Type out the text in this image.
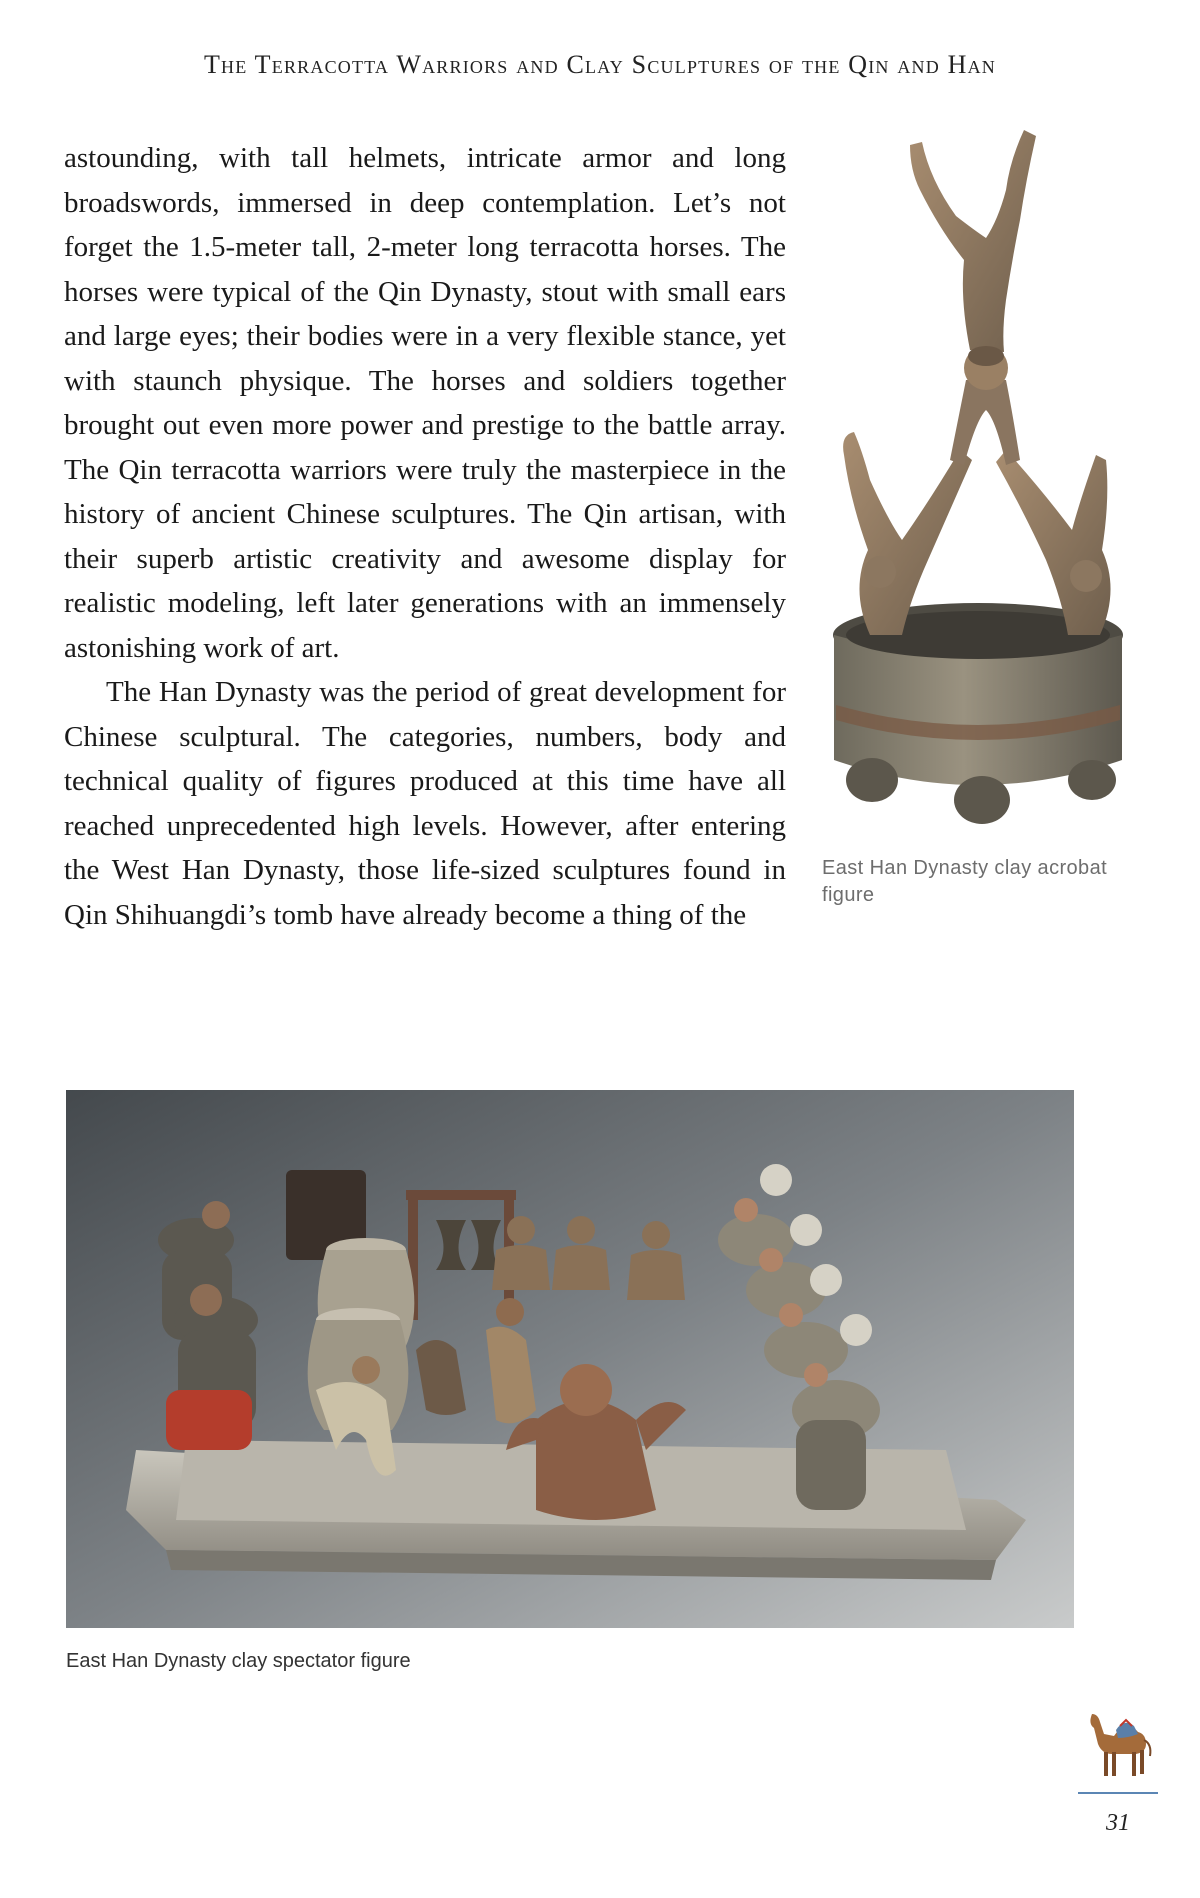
The Terracotta Warriors and Clay Sculptures of the Qin and Han

astounding, with tall helmets, intricate armor and long broadswords, immersed in deep contemplation. Let’s not forget the 1.5-meter tall, 2-meter long terracotta horses. The horses were typical of the Qin Dynasty, stout with small ears and large eyes; their bodies were in a very flexible stance, yet with staunch physique. The horses and soldiers together brought out even more power and prestige to the battle array. The Qin terracotta warriors were truly the masterpiece in the history of ancient Chinese sculptures. The Qin artisan, with their superb artistic creativity and awesome display for realistic modeling, left later generations with an immensely astonishing work of art.

The Han Dynasty was the period of great development for Chinese sculptural. The categories, numbers, body and technical quality of figures produced at this time have all reached unprecedented high levels. However, after entering the West Han Dynasty, those life-sized sculptures found in Qin Shihuangdi’s tomb have already become a thing of the

East Han Dynasty clay acrobat figure
East Han Dynasty clay spectator figure
31
